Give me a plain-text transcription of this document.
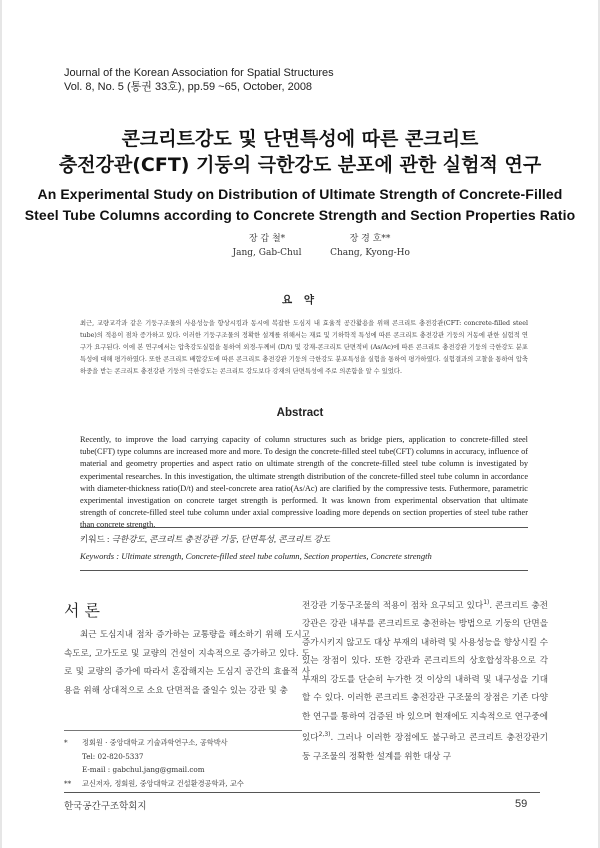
Journal of the Korean Association for Spatial Structures
Vol. 8, No. 5 (통권 33호), pp.59 ~65, October, 2008
콘크리트강도 및 단면특성에 따른 콘크리트
충전강관(CFT) 기둥의 극한강도 분포에 관한 실험적 연구
An Experimental Study on Distribution of Ultimate Strength of Concrete-Filled
Steel Tube Columns according to Concrete Strength and Section Properties Ratio
장 갑 철*
Jang, Gab-Chul
장 경 호**
Chang, Kyong-Ho
요 약

최근, 교량교각과 같은 기둥구조물의 사용성능을 향상시킴과 동시에 복잡한 도심지 내 효율적 공간활용을 위해 콘크리트 충전강관(CFT: concrete-filled steel tube)의 적용이 점차 증가하고 있다. 이러한 기둥구조물의 정확한 설계를 위해서는 재료 및 기하학적 특성에 따른 콘크리트 충전강관 기둥의 거동에 관한 실험적 연구가 요구된다. 이에 본 연구에서는 압축강도실험을 통하여 외경-두께비 (D/t) 및 강재-콘크리트 단면적비 (As/Ac)에 따른 콘크리트 충전강관 기둥의 극한강도 분포특성에 대해 평가하였다. 또한 콘크리트 배합강도에 따른 콘크리트 충전강관 기둥의 극한강도 분포특성을 실험을 통하여 평가하였다. 실험결과의 고찰을 통하여 압축하중을 받는 콘크리트 충전강관 기둥의 극한강도는 콘크리트 강도보다 강재의 단면특성에 주로 의존함을 알 수 있었다.

Abstract

Recently, to improve the load carrying capacity of column structures such as bridge piers, application to concrete-filled steel tube(CFT) type columns are increased more and more. To design the concrete-filled steel tube(CFT) columns in accuracy, influence of material and geometry properties and aspect ratio on ultimate strength of the concrete-filled steel tube column is investigated by experimental researches. In this investigation, the ultimate strength distribution of the concrete-filled steel tube column in accordance with diameter-thickness ratio(D/t) and steel-concrete area ratio(As/Ac) are clarified by the compressive tests. Futhermore, parametric experimental investigation on concrete target strength is performed. It was known from experimental observation that ultimate strength of concrete-filled steel tube column under axial compressive loading more depends on section properties of steel tube rather than concrete strength.

키워드 : 극한강도, 콘크리트 충전강관 기둥, 단면특성, 콘크리트 강도
Keywords : Ultimate strength, Concrete-filled steel tube column, Section properties, Concrete strength
서 론

최근 도심지내 점차 증가하는 교통량을 해소하기 위해 도시고속도로, 고가도로 및 교량의 건설이 지속적으로 증가하고 있다. 도로 및 교량의 증가에 따라서 혼잡해지는 도심지 공간의 효율적 사용을 위해 상대적으로 소요 단면적을 줄일수 있는 강관 및 충

전강관 기둥구조물의 적용이 점차 요구되고 있다$^{1)}$. 콘크리트 충전강관은 강관 내부를 콘크리트로 충전하는 방법으로 기둥의 단면을 증가시키지 않고도 대상 부재의 내하력 및 사용성능을 향상시킬 수 있는 장점이 있다. 또한 강관과 콘크리트의 상호합성작용으로 각 부재의 강도를 단순히 누가한 것 이상의 내하력 및 내구성을 기대할 수 있다. 이러한 콘크리트 충전강관 구조물의 장점은 기존 다양한 연구를 통하여 검증된 바 있으며 현재에도 지속적으로 연구중에 있다$^{2,3)}$. 그러나 이러한 장점에도 불구하고 콘크리트 충전강관기둥 구조물의 정확한 설계를 위한 대상 구

* 정회원 · 중앙대학교 기술과학연구소, 공학박사
Tel: 02-820-5337
E-mail : gabchul.jang@gmail.com
** 교신저자, 정회원, 중앙대학교 건설환경공학과, 교수
한국공간구조학회지	59
